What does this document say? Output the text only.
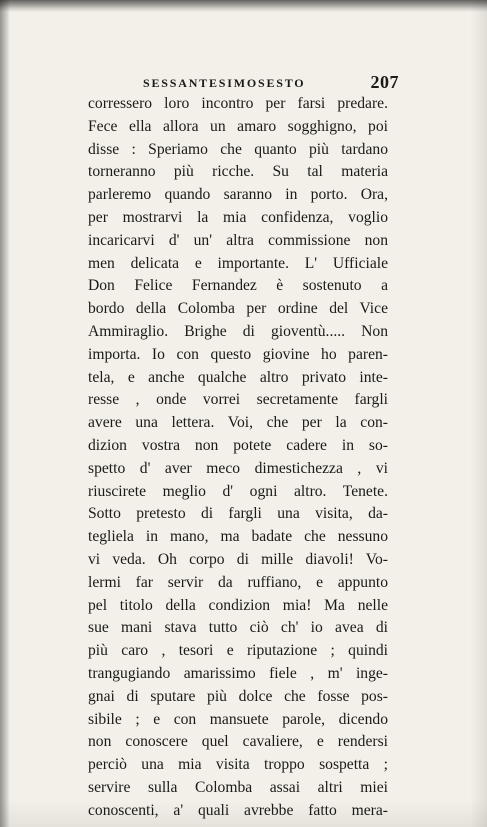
SESSANTESIMOSESTO	207
corressero loro incontro per farsi predare.
Fece ella allora un amaro sogghigno, poi
disse : Speriamo che quanto più tardano
torneranno più ricche. Su tal materia
parleremo quando saranno in porto. Ora,
per mostrarvi la mia confidenza, voglio
incaricarvi d' un' altra commissione non
men delicata e importante. L' Ufficiale
Don Felice Fernandez è sostenuto a
bordo della Colomba per ordine del Vice
Ammiraglio. Brighe di gioventù..... Non
importa. Io con questo giovine ho paren-
tela, e anche qualche altro privato inte-
resse , onde vorrei secretamente fargli
avere una lettera. Voi, che per la con-
dizion vostra non potete cadere in so-
spetto d' aver meco dimestichezza , vi
riuscirete meglio d' ogni altro. Tenete.
Sotto pretesto di fargli una visita, da-
tegliela in mano, ma badate che nessuno
vi veda. Oh corpo di mille diavoli! Vo-
lermi far servir da ruffiano, e appunto
pel titolo della condizion mia! Ma nelle
sue mani stava tutto ciò ch' io avea di
più caro , tesori e riputazione ; quindi
trangugiando amarissimo fiele , m' inge-
gnai di sputare più dolce che fosse pos-
sibile ; e con mansuete parole, dicendo
non conoscere quel cavaliere, e rendersi
perciò una mia visita troppo sospetta ;
servire sulla Colomba assai altri miei
conoscenti, a' quali avrebbe fatto mera-
